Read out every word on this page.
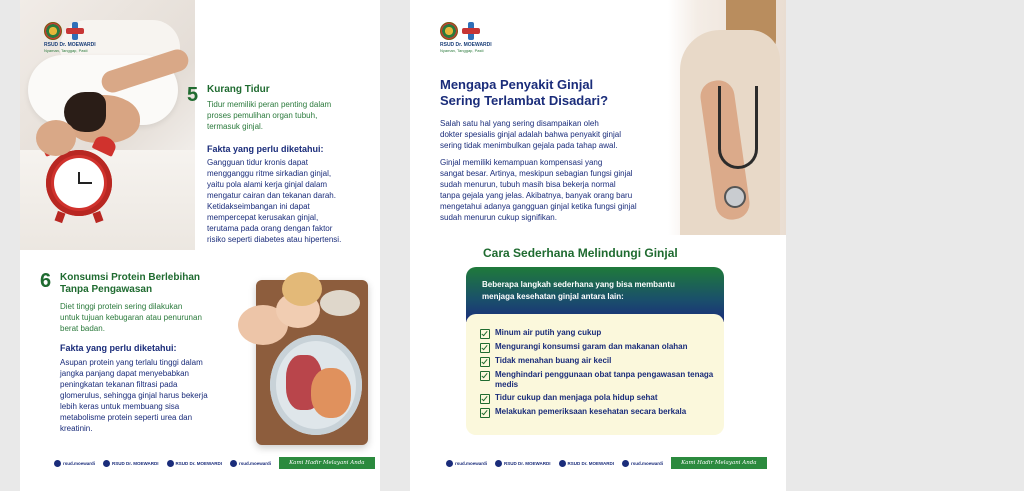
RSUD Dr. MOEWARDI
Nyaman, Tanggap, Pasti
5 Kurang Tidur
Tidur memiliki peran penting dalam
proses pemulihan organ tubuh,
termasuk ginjal.
Fakta yang perlu diketahui:
Gangguan tidur kronis dapat
mengganggu ritme sirkadian ginjal,
yaitu pola alami kerja ginjal dalam
mengatur cairan dan tekanan darah.
Ketidakseimbangan ini dapat
mempercepat kerusakan ginjal,
terutama pada orang dengan faktor
risiko seperti diabetes atau hipertensi.
6 Konsumsi Protein Berlebihan
Tanpa Pengawasan
Diet tinggi protein sering dilakukan
untuk tujuan kebugaran atau penurunan
berat badan.
Fakta yang perlu diketahui:
Asupan protein yang terlalu tinggi dalam
jangka panjang dapat menyebabkan
peningkatan tekanan filtrasi pada
glomerulus, sehingga ginjal harus bekerja
lebih keras untuk membuang sisa
metabolisme protein seperti urea dan
kreatinin.
rsud.moewardi	RSUD Dr. MOEWARDI	RSUD Dr. MOEWARDI	rsud.moewardi	Kami Hadir Melayani Anda
RSUD Dr. MOEWARDI
Nyaman, Tanggap, Pasti
Mengapa Penyakit Ginjal
Sering Terlambat Disadari?
Salah satu hal yang sering disampaikan oleh
dokter spesialis ginjal adalah bahwa penyakit ginjal
sering tidak menimbulkan gejala pada tahap awal.
Ginjal memiliki kemampuan kompensasi yang
sangat besar. Artinya, meskipun sebagian fungsi ginjal
sudah menurun, tubuh masih bisa bekerja normal
tanpa gejala yang jelas. Akibatnya, banyak orang baru
mengetahui adanya gangguan ginjal ketika fungsi ginjal
sudah menurun cukup signifikan.
Cara Sederhana Melindungi Ginjal
Beberapa langkah sederhana yang bisa membantu
menjaga kesehatan ginjal antara lain:
Minum air putih yang cukup
Mengurangi konsumsi garam dan makanan olahan
Tidak menahan buang air kecil
Menghindari penggunaan obat tanpa pengawasan tenaga medis
Tidur cukup dan menjaga pola hidup sehat
Melakukan pemeriksaan kesehatan secara berkala
rsud.moewardi	RSUD Dr. MOEWARDI	RSUD Dr. MOEWARDI	rsud.moewardi	Kami Hadir Melayani Anda
